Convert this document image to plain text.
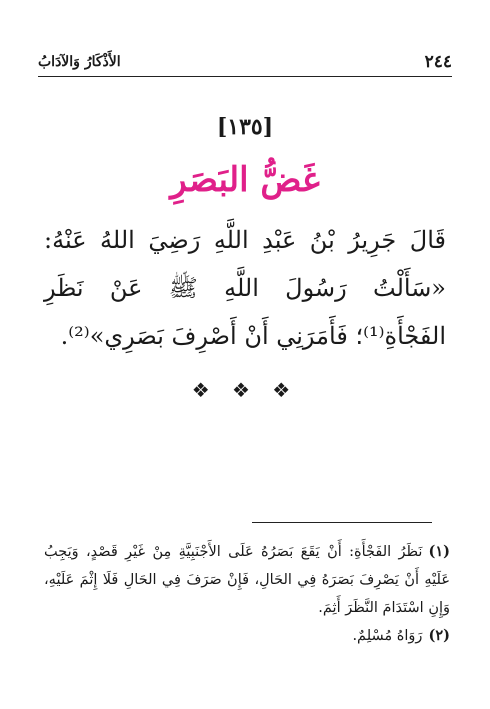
٢٤٤
الأَذْكَارُ وَالآدَابُ
[١٣٥]
غَضُّ البَصَرِ

قَالَ جَرِيرُ بْنُ عَبْدِ اللَّهِ رَضِيَ اللهُ عَنْهُ: «سَأَلْتُ رَسُولَ اللَّهِ ﷺ عَنْ نَظَرِ الفَجْأَةِ⁽¹⁾؛ فَأَمَرَنِي أَنْ أَصْرِفَ بَصَرِي»⁽²⁾.

❖ ❖ ❖

(١)نَظَرُ الفَجْأَةِ: أَنْ يَقَعَ بَصَرُهُ عَلَى الأَجْنَبِيَّةِ مِنْ غَيْرِ قَصْدٍ، وَيَجِبُ عَلَيْهِ أَنْ يَصْرِفَ بَصَرَهُ فِي الحَالِ، فَإِنْ صَرَفَ فِي الحَالِ فَلَا إِثْمَ عَلَيْهِ، وَإِنِ اسْتَدَامَ النَّظَرَ أَثِمَ.

(٢)رَوَاهُ مُسْلِمٌ.
